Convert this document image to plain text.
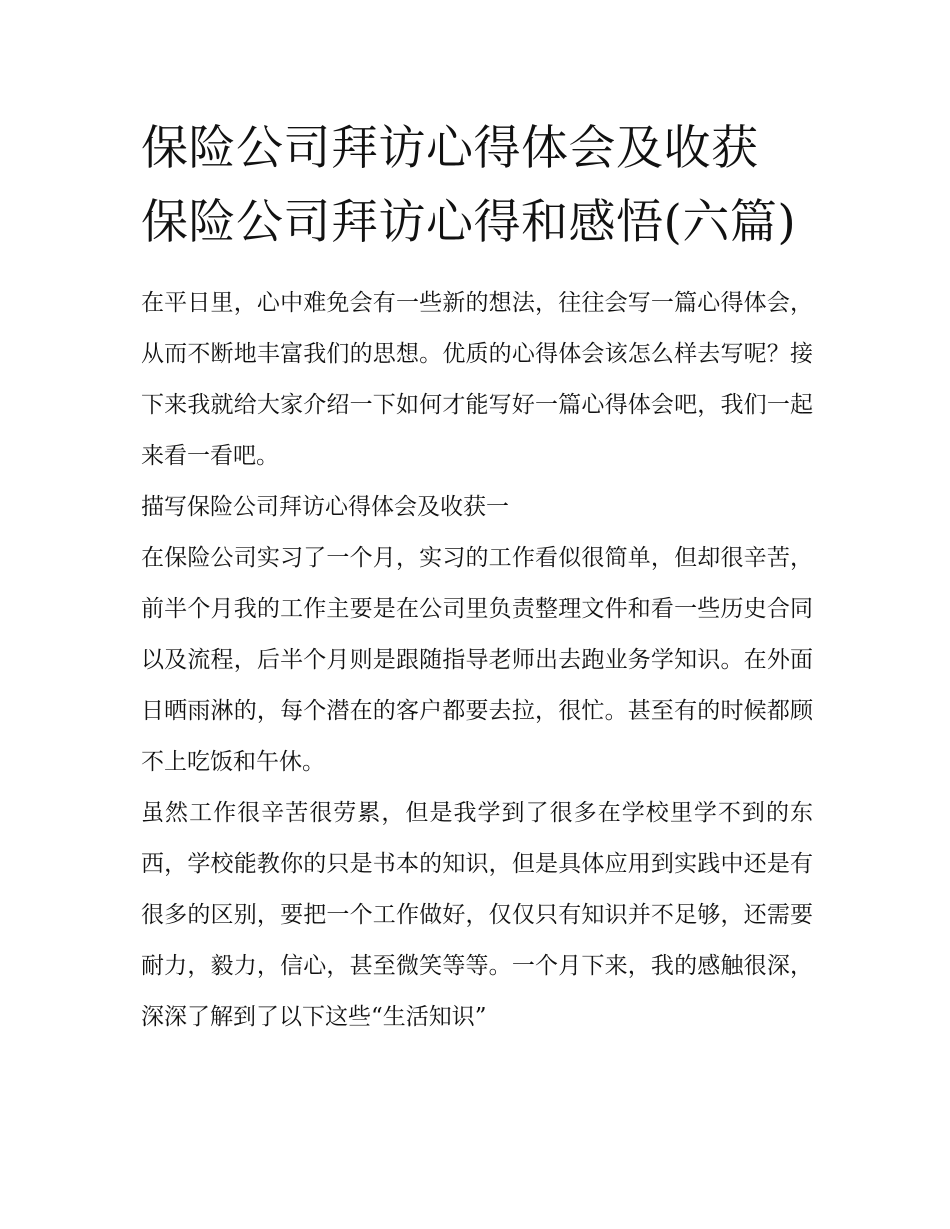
保险公司拜访心得体会及收获 保险公司拜访心得和感悟(六篇)

在平日里，心中难免会有一些新的想法，往往会写一篇心得体会，从而不断地丰富我们的思想。优质的心得体会该怎么样去写呢？接下来我就给大家介绍一下如何才能写好一篇心得体会吧，我们一起来看一看吧。

描写保险公司拜访心得体会及收获一

在保险公司实习了一个月，实习的工作看似很简单，但却很辛苦，前半个月我的工作主要是在公司里负责整理文件和看一些历史合同以及流程，后半个月则是跟随指导老师出去跑业务学知识。在外面日晒雨淋的，每个潜在的客户都要去拉，很忙。甚至有的时候都顾不上吃饭和午休。

虽然工作很辛苦很劳累，但是我学到了很多在学校里学不到的东西，学校能教你的只是书本的知识，但是具体应用到实践中还是有很多的区别，要把一个工作做好，仅仅只有知识并不足够，还需要耐力，毅力，信心，甚至微笑等等。一个月下来，我的感触很深，深深了解到了以下这些“生活知识”
